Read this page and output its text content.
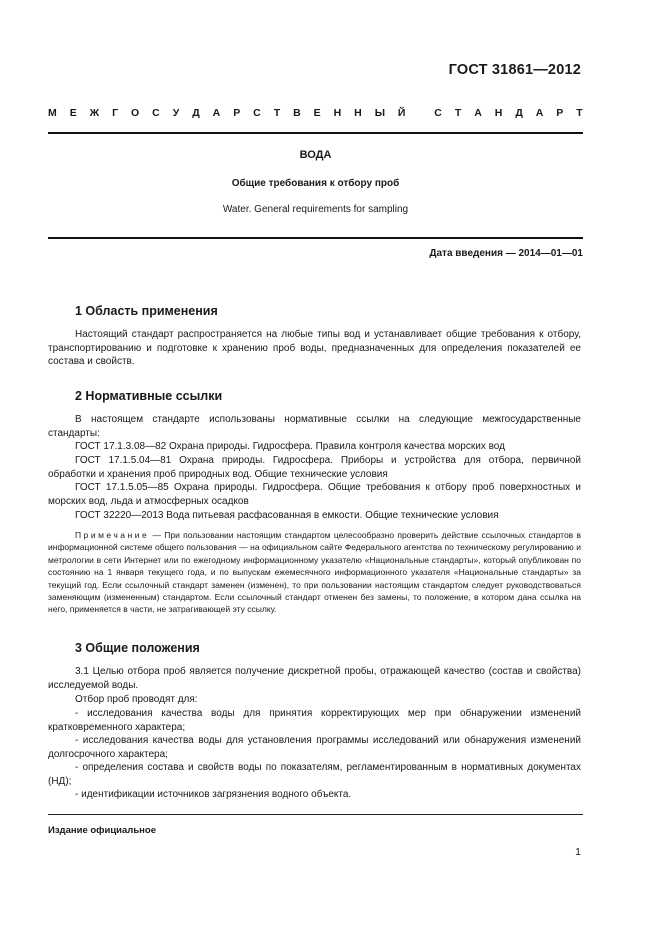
ГОСТ 31861—2012
М Е Ж Г О С У Д А Р С Т В Е Н Н Ы Й
	С Т А Н Д А Р Т
ВОДА
Общие требования к отбору проб
Water. General requirements for sampling
Дата введения — 2014—01—01
1 Область применения

Настоящий стандарт распространяется на любые типы вод и устанавливает общие требования к отбору, транспортированию и подготовке к хранению проб воды, предназначенных для определения показателей ее состава и свойств.

2 Нормативные ссылки

В настоящем стандарте использованы нормативные ссылки на следующие межгосударственные стандарты:

ГОСТ 17.1.3.08—82 Охрана природы. Гидросфера. Правила контроля качества морских вод

ГОСТ 17.1.5.04—81 Охрана природы. Гидросфера. Приборы и устройства для отбора, первичной обработки и хранения проб природных вод. Общие технические условия

ГОСТ 17.1.5.05—85 Охрана природы. Гидросфера. Общие требования к отбору проб поверхностных и морских вод, льда и атмосферных осадков

ГОСТ 32220—2013 Вода питьевая расфасованная в емкости. Общие технические условия

Примечание — При пользовании настоящим стандартом целесообразно проверить действие ссылочных стандартов в информационной системе общего пользования — на официальном сайте Федерального агентства по техническому регулированию и метрологии в сети Интернет или по ежегодному информационному указателю «Национальные стандарты», который опубликован по состоянию на 1 января текущего года, и по выпускам ежемесячного информационного указателя «Национальные стандарты» за текущий год. Если ссылочный стандарт заменен (изменен), то при пользовании настоящим стандартом следует руководствоваться заменяющим (измененным) стандартом. Если ссылочный стандарт отменен без замены, то положение, в котором дана ссылка на него, применяется в части, не затрагивающей эту ссылку.

3 Общие положения

3.1 Целью отбора проб является получение дискретной пробы, отражающей качество (состав и свойства) исследуемой воды.

Отбор проб проводят для:

- исследования качества воды для принятия корректирующих мер при обнаружении изменений кратковременного характера;

- исследования качества воды для установления программы исследований или обнаружения изменений долгосрочного характера;

- определения состава и свойств воды по показателям, регламентированным в нормативных документах (НД);

- идентификации источников загрязнения водного объекта.

Издание официальное
1
